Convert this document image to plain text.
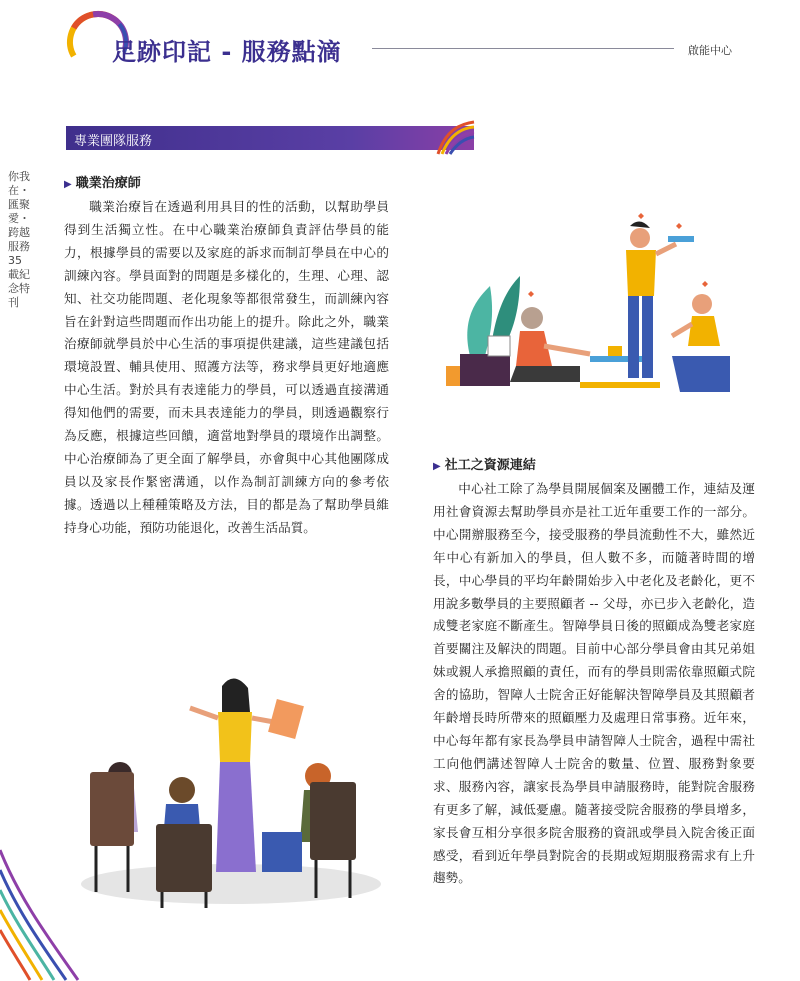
足跡印記 - 服務點滴	啟能中心
專業團隊服務
你我在・匯聚愛・跨越服務35載紀念特刊
▶ 職業治療師

職業治療旨在透過利用具目的性的活動，以幫助學員得到生活獨立性。在中心職業治療師負責評估學員的能力，根據學員的需要以及家庭的訴求而制訂學員在中心的訓練內容。學員面對的問題是多樣化的，生理、心理、認知、社交功能問題、老化現象等都很常發生，而訓練內容旨在針對這些問題而作出功能上的提升。除此之外，職業治療師就學員於中心生活的事項提供建議，這些建議包括環境設置、輔具使用、照護方法等，務求學員更好地適應中心生活。對於具有表達能力的學員，可以透過直接溝通得知他們的需要，而未具表達能力的學員，則透過觀察行為反應，根據這些回饋，適當地對學員的環境作出調整。中心治療師為了更全面了解學員，亦會與中心其他團隊成員以及家長作緊密溝通，以作為制訂訓練方向的參考依據。透過以上種種策略及方法，目的都是為了幫助學員維持身心功能，預防功能退化，改善生活品質。

▶ 社工之資源連結

中心社工除了為學員開展個案及團體工作，連結及運用社會資源去幫助學員亦是社工近年重要工作的一部分。中心開辦服務至今，接受服務的學員流動性不大，雖然近年中心有新加入的學員，但人數不多，而隨著時間的增長，中心學員的平均年齡開始步入中老化及老齡化，更不用說多數學員的主要照顧者 -- 父母，亦已步入老齡化，造成雙老家庭不斷產生。智障學員日後的照顧成為雙老家庭首要關注及解決的問題。目前中心部分學員會由其兄弟姐妹或親人承擔照顧的責任，而有的學員則需依靠照顧式院舍的協助，智障人士院舍正好能解決智障學員及其照顧者年齡增長時所帶來的照顧壓力及處理日常事務。近年來，中心每年都有家長為學員申請智障人士院舍，過程中需社工向他們講述智障人士院舍的數量、位置、服務對象要求、服務內容，讓家長為學員申請服務時，能對院舍服務有更多了解，減低憂慮。隨著接受院舍服務的學員增多，家長會互相分享很多院舍服務的資訊或學員入院舍後正面感受，看到近年學員對院舍的長期或短期服務需求有上升趨勢。
